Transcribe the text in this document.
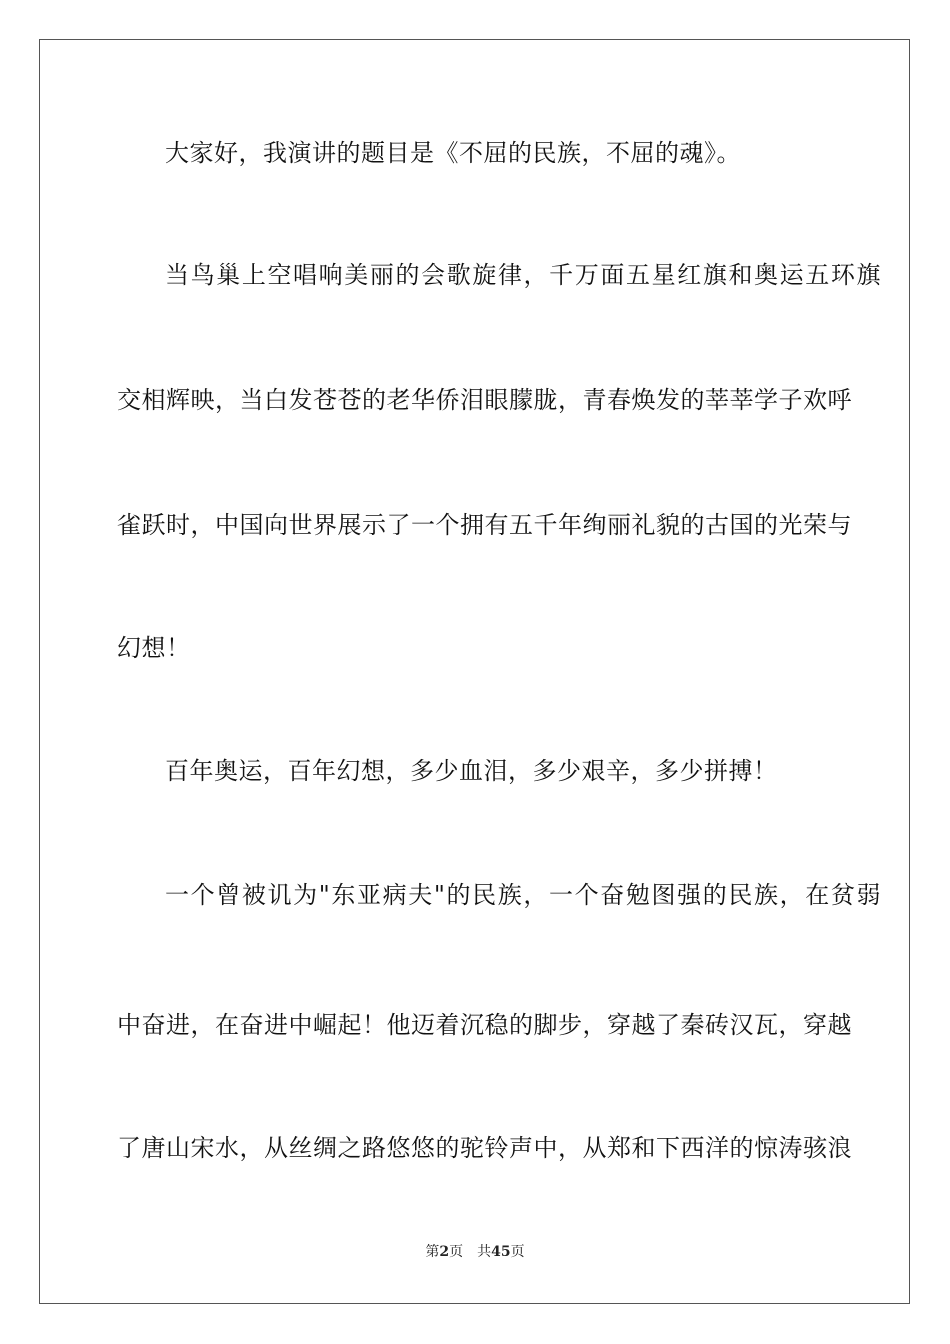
大家好，我演讲的题目是《不屈的民族，不屈的魂》。
当鸟巢上空唱响美丽的会歌旋律，千万面五星红旗和奥运五环旗
交相辉映，当白发苍苍的老华侨泪眼朦胧，青春焕发的莘莘学子欢呼
雀跃时，中国向世界展示了一个拥有五千年绚丽礼貌的古国的光荣与
幻想！
百年奥运，百年幻想，多少血泪，多少艰辛，多少拼搏！
一个曾被讥为"东亚病夫"的民族，一个奋勉图强的民族，在贫弱
中奋进，在奋进中崛起！他迈着沉稳的脚步，穿越了秦砖汉瓦，穿越
了唐山宋水，从丝绸之路悠悠的驼铃声中，从郑和下西洋的惊涛骇浪
第2页 共45页
